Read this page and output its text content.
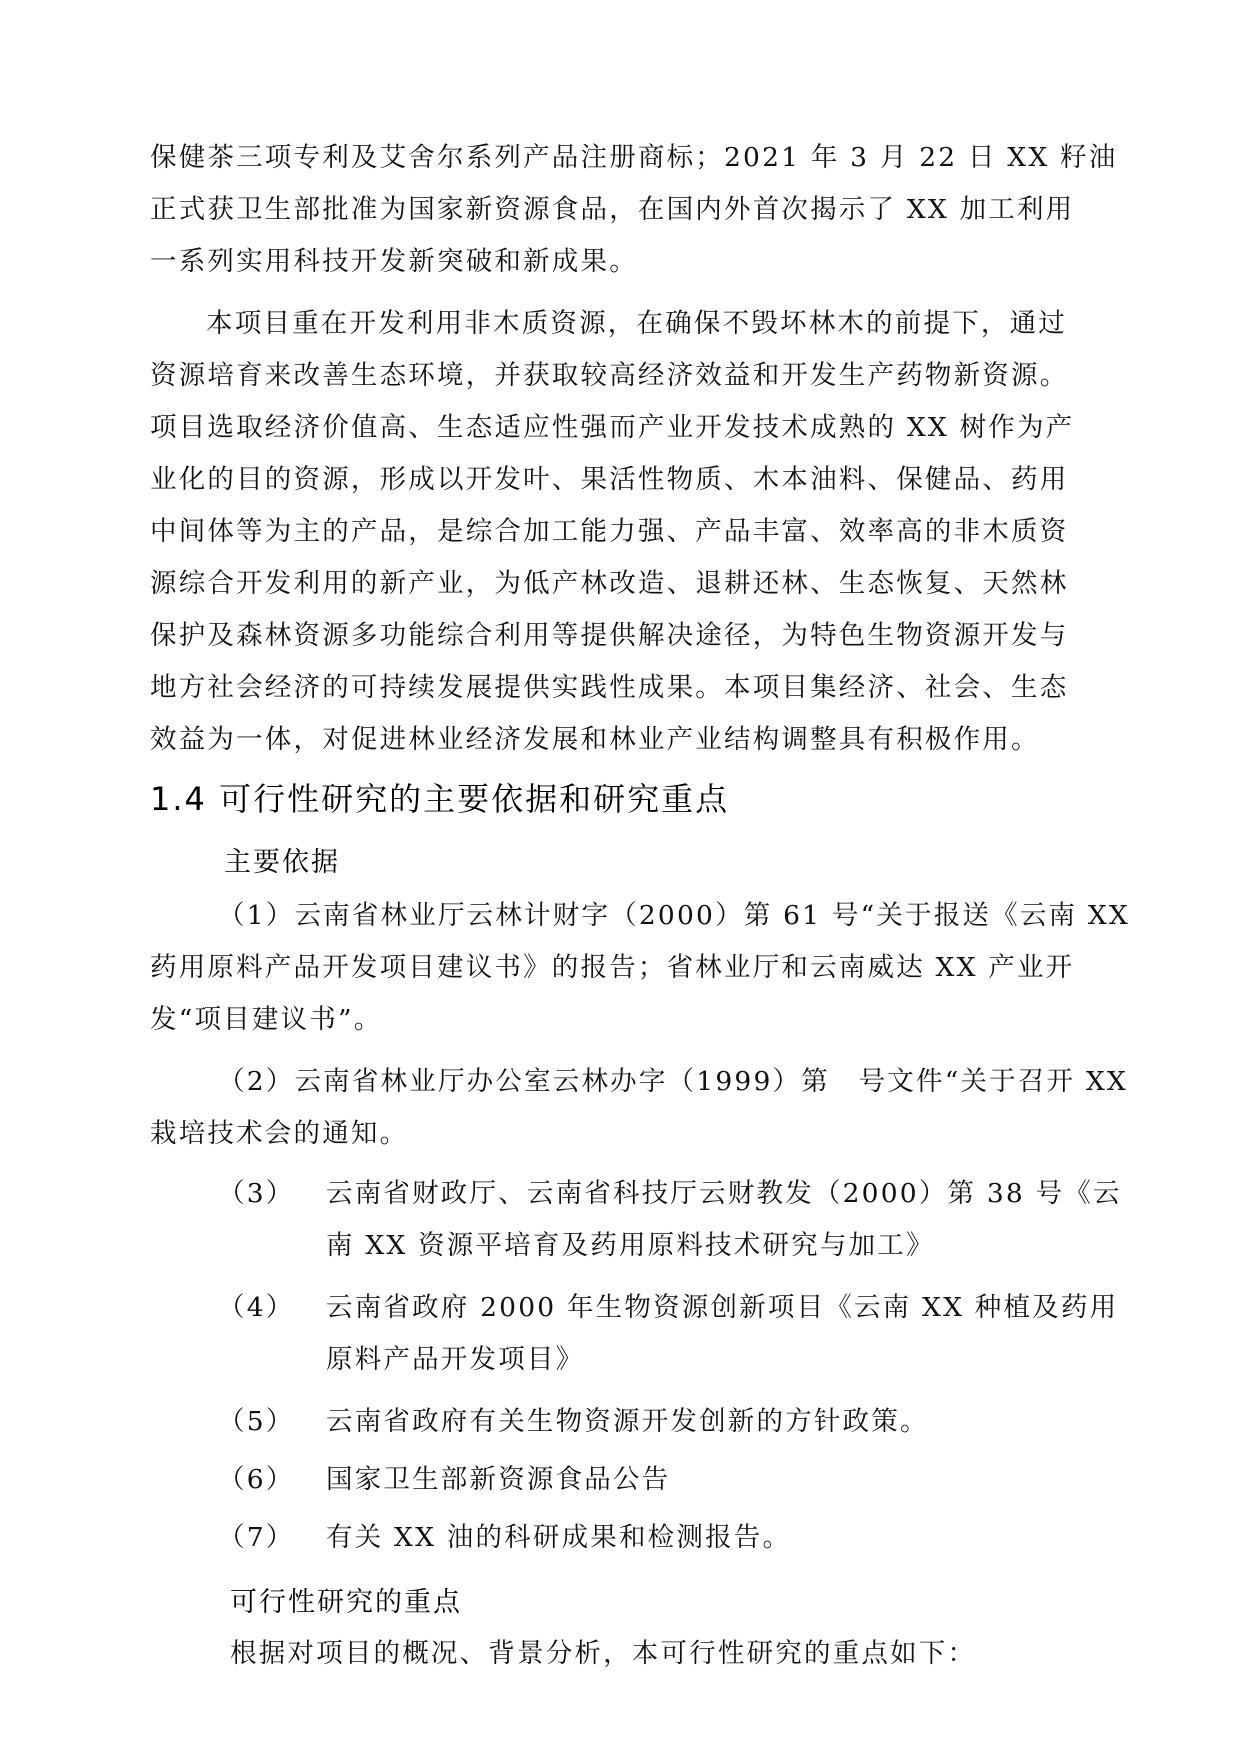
保健茶三项专利及艾舍尔系列产品注册商标；2021 年 3 月 22 日 XX 籽油
正式获卫生部批准为国家新资源食品，在国内外首次揭示了 XX 加工利用
一系列实用科技开发新突破和新成果。
本项目重在开发利用非木质资源，在确保不毁坏林木的前提下，通过
资源培育来改善生态环境，并获取较高经济效益和开发生产药物新资源。
项目选取经济价值高、生态适应性强而产业开发技术成熟的 XX 树作为产
业化的目的资源，形成以开发叶、果活性物质、木本油料、保健品、药用
中间体等为主的产品，是综合加工能力强、产品丰富、效率高的非木质资
源综合开发利用的新产业，为低产林改造、退耕还林、生态恢复、天然林
保护及森林资源多功能综合利用等提供解决途径，为特色生物资源开发与
地方社会经济的可持续发展提供实践性成果。本项目集经济、社会、生态
效益为一体，对促进林业经济发展和林业产业结构调整具有积极作用。
1.4 可行性研究的主要依据和研究重点
主要依据
（1）云南省林业厅云林计财字（2000）第 61 号“关于报送《云南 XX
药用原料产品开发项目建议书》的报告；省林业厅和云南威达 XX 产业开
发“项目建议书”。
（2）云南省林业厅办公室云林办字（1999）第　号文件“关于召开 XX
栽培技术会的通知。
（3） 云南省财政厅、云南省科技厅云财教发（2000）第 38 号《云
南 XX 资源平培育及药用原料技术研究与加工》
（4） 云南省政府 2000 年生物资源创新项目《云南 XX 种植及药用
原料产品开发项目》
（5） 云南省政府有关生物资源开发创新的方针政策。
（6） 国家卫生部新资源食品公告
（7） 有关 XX 油的科研成果和检测报告。
可行性研究的重点
根据对项目的概况、背景分析，本可行性研究的重点如下：
